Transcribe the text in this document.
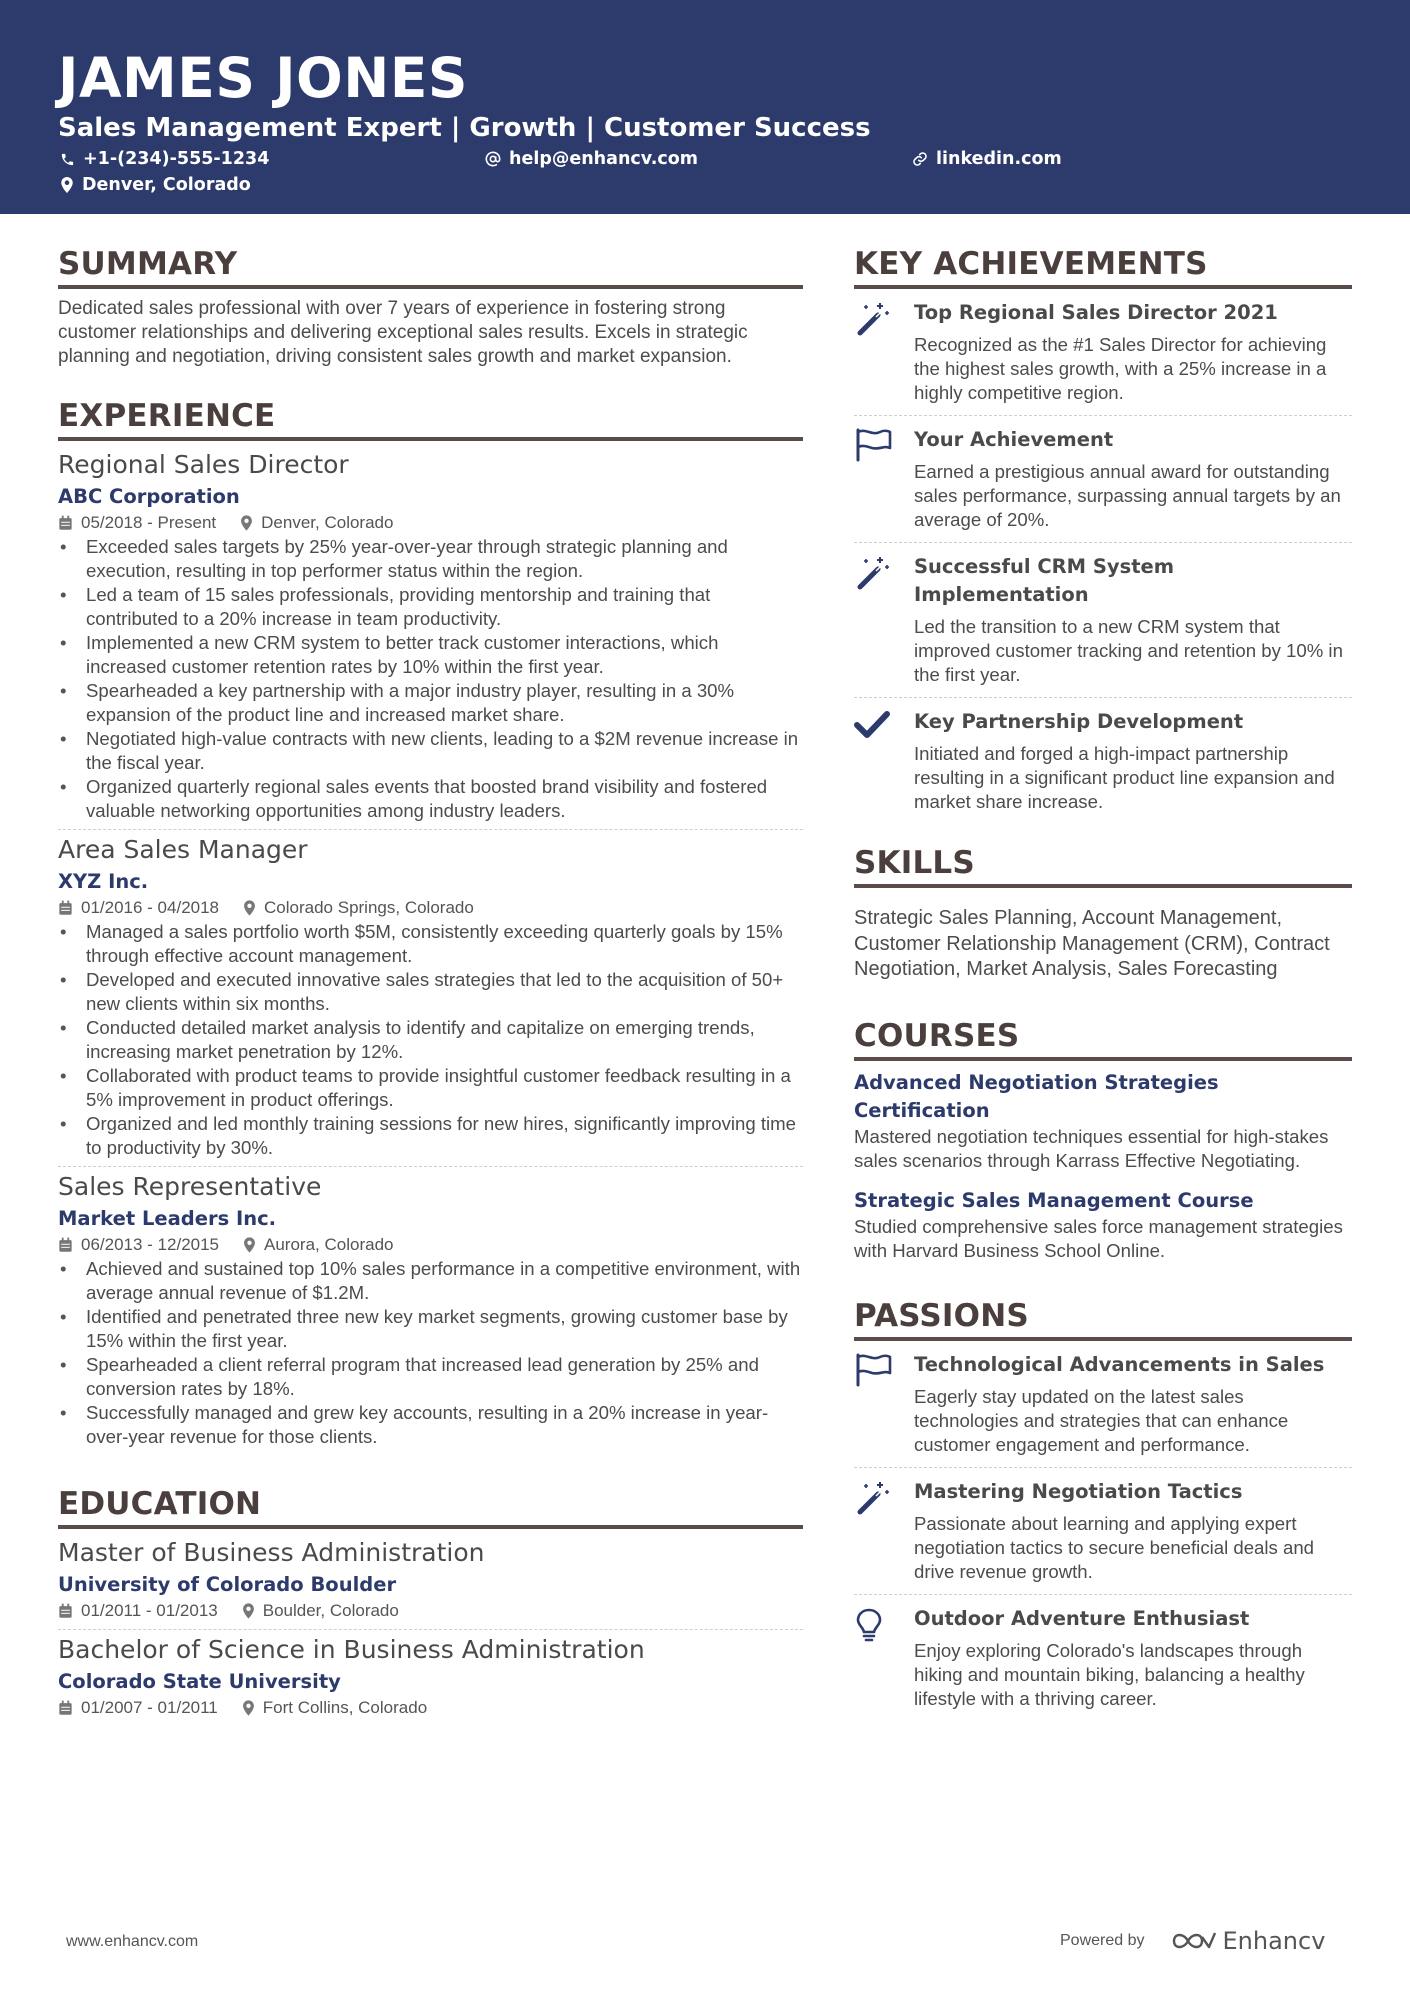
JAMES JONES
Sales Management Expert | Growth | Customer Success
+1-(234)-555-1234	help@enhancv.com	linkedin.com
Denver, Colorado
SUMMARY

Dedicated sales professional with over 7 years of experience in fostering strong customer relationships and delivering exceptional sales results. Excels in strategic planning and negotiation, driving consistent sales growth and market expansion.

EXPERIENCE
Regional Sales Director
ABC Corporation
05/2018 - Present	Denver, Colorado
• Exceeded sales targets by 25% year-over-year through strategic planning and execution, resulting in top performer status within the region.
• Led a team of 15 sales professionals, providing mentorship and training that contributed to a 20% increase in team productivity.
• Implemented a new CRM system to better track customer interactions, which increased customer retention rates by 10% within the first year.
• Spearheaded a key partnership with a major industry player, resulting in a 30% expansion of the product line and increased market share.
• Negotiated high-value contracts with new clients, leading to a $2M revenue increase in the fiscal year.
• Organized quarterly regional sales events that boosted brand visibility and fostered valuable networking opportunities among industry leaders.
Area Sales Manager
XYZ Inc.
01/2016 - 04/2018	Colorado Springs, Colorado
• Managed a sales portfolio worth $5M, consistently exceeding quarterly goals by 15% through effective account management.
• Developed and executed innovative sales strategies that led to the acquisition of 50+ new clients within six months.
• Conducted detailed market analysis to identify and capitalize on emerging trends, increasing market penetration by 12%.
• Collaborated with product teams to provide insightful customer feedback resulting in a 5% improvement in product offerings.
• Organized and led monthly training sessions for new hires, significantly improving time to productivity by 30%.
Sales Representative
Market Leaders Inc.
06/2013 - 12/2015	Aurora, Colorado
• Achieved and sustained top 10% sales performance in a competitive environment, with average annual revenue of $1.2M.
• Identified and penetrated three new key market segments, growing customer base by 15% within the first year.
• Spearheaded a client referral program that increased lead generation by 25% and conversion rates by 18%.
• Successfully managed and grew key accounts, resulting in a 20% increase in year-over-year revenue for those clients.
EDUCATION
Master of Business Administration
University of Colorado Boulder
01/2011 - 01/2013	Boulder, Colorado
Bachelor of Science in Business Administration
Colorado State University
01/2007 - 01/2011	Fort Collins, Colorado
KEY ACHIEVEMENTS
Top Regional Sales Director 2021
Recognized as the #1 Sales Director for achieving the highest sales growth, with a 25% increase in a highly competitive region.
Your Achievement
Earned a prestigious annual award for outstanding sales performance, surpassing annual targets by an average of 20%.
Successful CRM System Implementation
Led the transition to a new CRM system that improved customer tracking and retention by 10% in the first year.
Key Partnership Development
Initiated and forged a high-impact partnership resulting in a significant product line expansion and market share increase.
SKILLS

Strategic Sales Planning, Account Management, Customer Relationship Management (CRM), Contract Negotiation, Market Analysis, Sales Forecasting

COURSES
Advanced Negotiation Strategies Certification
Mastered negotiation techniques essential for high-stakes sales scenarios through Karrass Effective Negotiating.
Strategic Sales Management Course
Studied comprehensive sales force management strategies with Harvard Business School Online.
PASSIONS
Technological Advancements in Sales
Eagerly stay updated on the latest sales technologies and strategies that can enhance customer engagement and performance.
Mastering Negotiation Tactics
Passionate about learning and applying expert negotiation tactics to secure beneficial deals and drive revenue growth.
Outdoor Adventure Enthusiast
Enjoy exploring Colorado's landscapes through hiking and mountain biking, balancing a healthy lifestyle with a thriving career.
www.enhancv.com	Powered by	Enhancv
